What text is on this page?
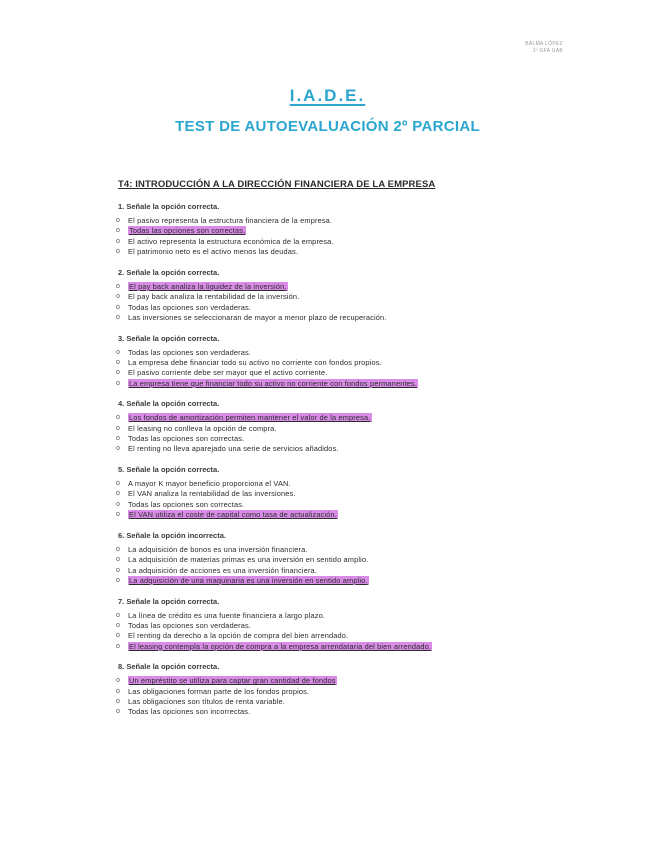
BALMA LÓPEZ
1º GFA UAB
I.A.D.E.
TEST DE AUTOEVALUACIÓN 2º PARCIAL
T4: INTRODUCCIÓN A LA DIRECCIÓN FINANCIERA DE LA EMPRESA
1. Señale la opción correcta.
o El pasivo representa la estructura financiera de la empresa.
o Todas las opciones son correctas.
o El activo representa la estructura económica de la empresa.
o El patrimonio neto es el activo menos las deudas.
2. Señale la opción correcta.
o El pay back analiza la liquidez de la inversión.
o El pay back analiza la rentabilidad de la inversión.
o Todas las opciones son verdaderas.
o Las inversiones se seleccionaran de mayor a menor plazo de recuperación.
3. Señale la opción correcta.
o Todas las opciones son verdaderas.
o La empresa debe financiar todo su activo no corriente con fondos propios.
o El pasivo corriente debe ser mayor que el activo corriente.
o La empresa tiene que financiar todo su activo no corriente con fondos permanentes.
4. Señale la opción correcta.
o Los fondos de amortización permiten mantener el valor de la empresa.
o El leasing no conlleva la opción de compra.
o Todas las opciones son correctas.
o El renting no lleva aparejado una serie de servicios añadidos.
5. Señale la opción correcta.
o A mayor K mayor beneficio proporciona el VAN.
o El VAN analiza la rentabilidad de las inversiones.
o Todas las opciones son correctas.
o El VAN utiliza el coste de capital como tasa de actualización.
6. Señale la opción incorrecta.
o La adquisición de bonos es una inversión financiera.
o La adquisición de materias primas es una inversión en sentido amplio.
o La adquisición de acciones es una inversión financiera.
o La adquisición de una maquinaria es una inversión en sentido amplio.
7. Señale la opción correcta.
o La línea de crédito es una fuente financiera a largo plazo.
o Todas las opciones son verdaderas.
o El renting da derecho a la opción de compra del bien arrendado.
o El leasing contempla la opción de compra a la empresa arrendataria del bien arrendado.
8. Señale la opción correcta.
o Un empréstito se utiliza para captar gran cantidad de fondos
o Las obligaciones forman parte de los fondos propios.
o Las obligaciones son títulos de renta variable.
o Todas las opciones son incorrectas.
